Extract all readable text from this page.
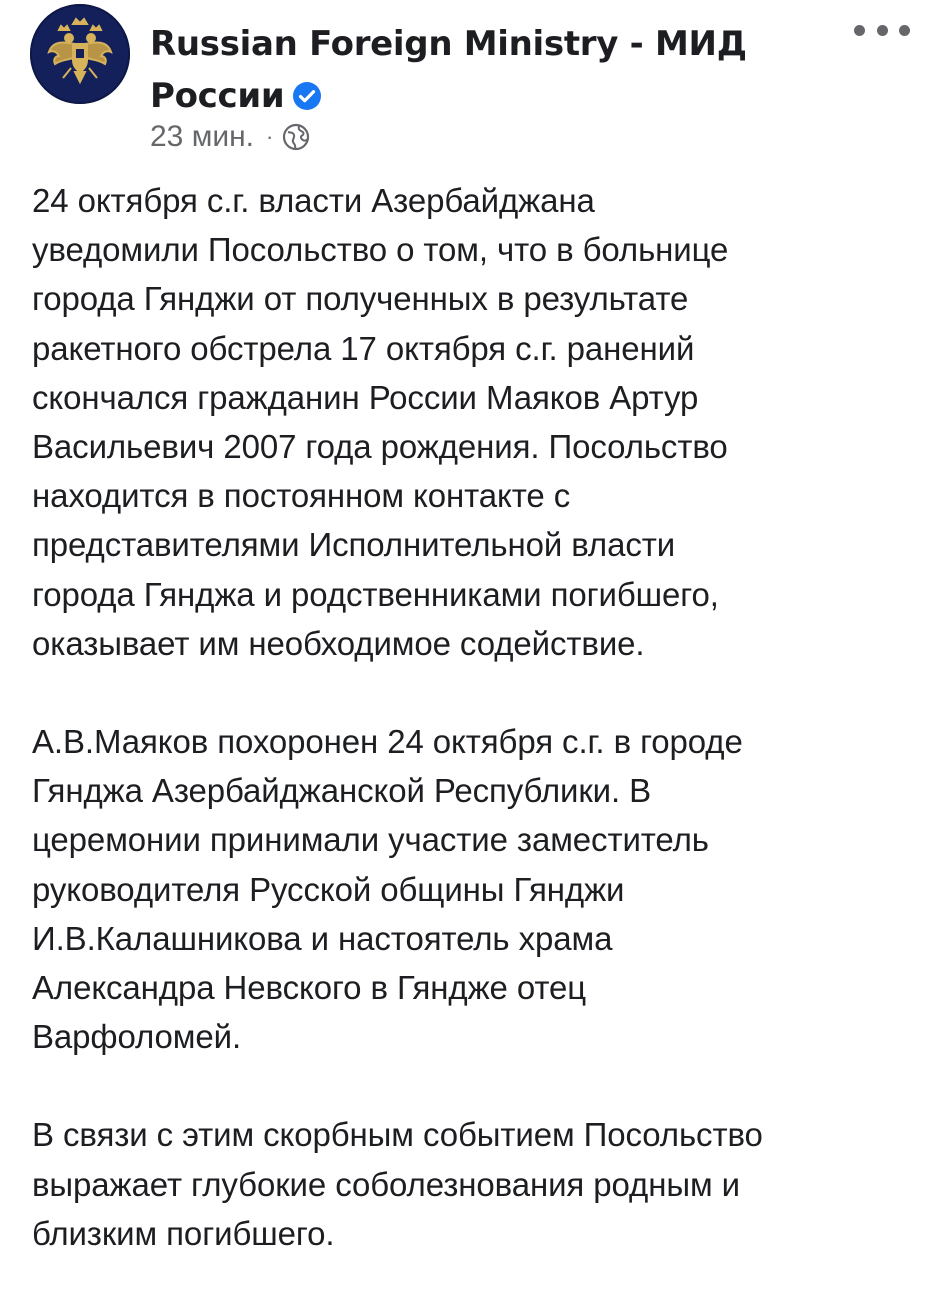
Russian Foreign Ministry - МИД
России
23 мин. ·

24 октября с.г. власти Азербайджана
уведомили Посольство о том, что в больнице
города Гянджи от полученных в результате
ракетного обстрела 17 октября с.г. ранений
скончался гражданин России Маяков Артур
Васильевич 2007 года рождения. Посольство
находится в постоянном контакте с
представителями Исполнительной власти
города Гянджа и родственниками погибшего,
оказывает им необходимое содействие.

А.В.Маяков похоронен 24 октября с.г. в городе
Гянджа Азербайджанской Республики. В
церемонии принимали участие заместитель
руководителя Русской общины Гянджи
И.В.Калашникова и настоятель храма
Александра Невского в Гяндже отец
Варфоломей.

В связи с этим скорбным событием Посольство
выражает глубокие соболезнования родным и
близким погибшего.
